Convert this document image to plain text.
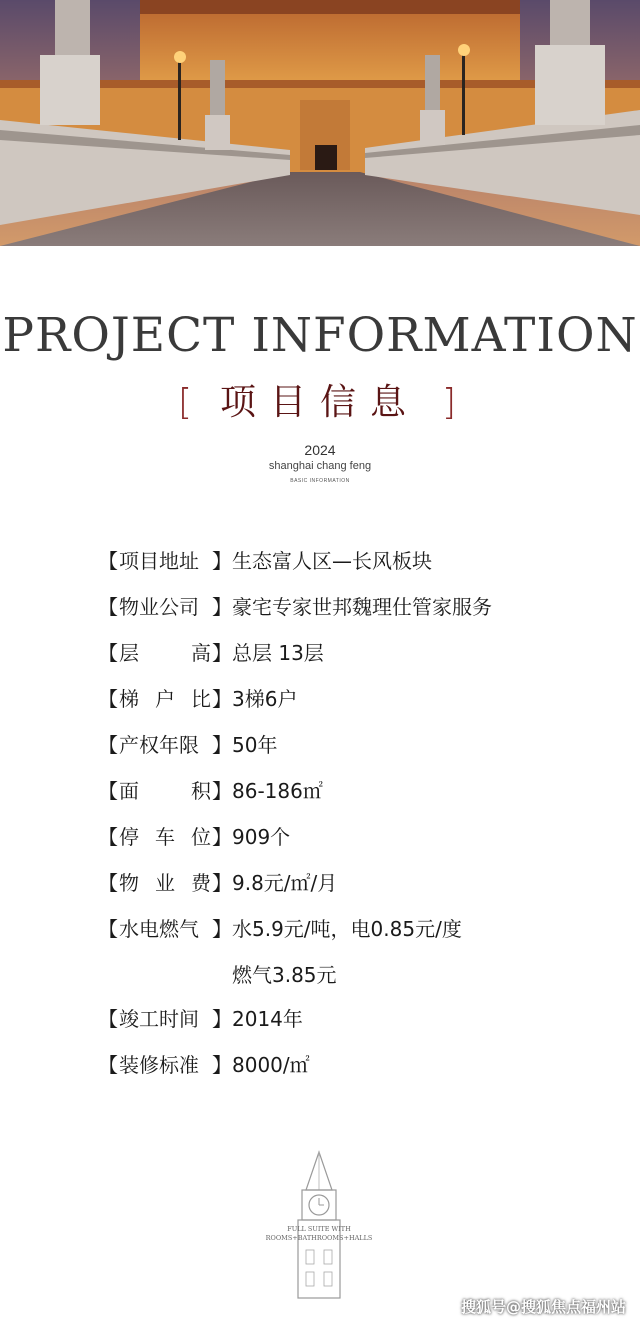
PROJECT INFORMATION
[ 项目信息 ]
2024
shanghai chang feng
BASIC INFORMATION
【 项目地址 】 生态富人区—长风板块
【 物业公司 】 豪宅专家世邦魏理仕管家服务
【 层	高 】 总层 13层
【 梯 户 比 】 3梯6户
【 产权年限 】 50年
【 面	积 】 86-186㎡
【 停 车 位 】 909个
【 物 业 费 】 9.8元/㎡/月
【 水电燃气 】 水5.9元/吨，电0.85元/度
燃气3.85元
【 竣工时间 】 2014年
【 装修标准 】 8000/㎡
FULL SUITE WITH
ROOMS+BATHROOMS+HALLS
搜狐号@搜狐焦点福州站
